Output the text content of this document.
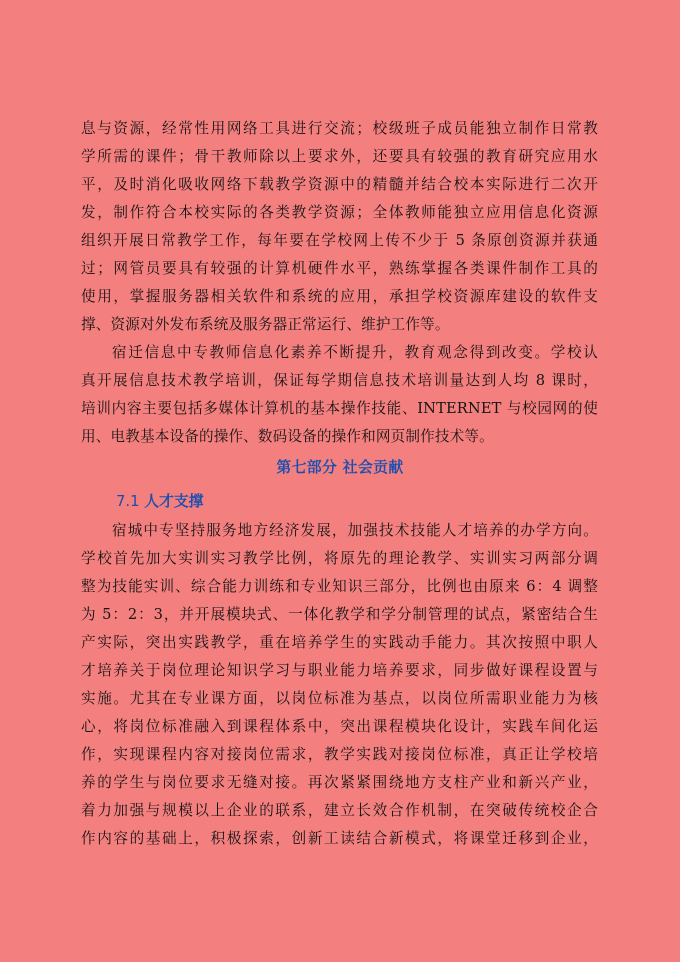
息与资源，经常性用网络工具进行交流；校级班子成员能独立制作日常教
学所需的课件；骨干教师除以上要求外，还要具有较强的教育研究应用水
平，及时消化吸收网络下载教学资源中的精髓并结合校本实际进行二次开
发，制作符合本校实际的各类教学资源；全体教师能独立应用信息化资源
组织开展日常教学工作，每年要在学校网上传不少于 5 条原创资源并获通
过；网管员要具有较强的计算机硬件水平，熟练掌握各类课件制作工具的
使用，掌握服务器相关软件和系统的应用，承担学校资源库建设的软件支
撑、资源对外发布系统及服务器正常运行、维护工作等。
宿迁信息中专教师信息化素养不断提升，教育观念得到改变。学校认
真开展信息技术教学培训，保证每学期信息技术培训量达到人均 8 课时，
培训内容主要包括多媒体计算机的基本操作技能、INTERNET 与校园网的使
用、电教基本设备的操作、数码设备的操作和网页制作技术等。
第七部分 社会贡献
7.1 人才支撑
宿城中专坚持服务地方经济发展，加强技术技能人才培养的办学方向。
学校首先加大实训实习教学比例，将原先的理论教学、实训实习两部分调
整为技能实训、综合能力训练和专业知识三部分，比例也由原来 6：4 调整
为 5：2：3，并开展模块式、一体化教学和学分制管理的试点，紧密结合生
产实际，突出实践教学，重在培养学生的实践动手能力。其次按照中职人
才培养关于岗位理论知识学习与职业能力培养要求，同步做好课程设置与
实施。尤其在专业课方面，以岗位标准为基点，以岗位所需职业能力为核
心，将岗位标准融入到课程体系中，突出课程模块化设计，实践车间化运
作，实现课程内容对接岗位需求，教学实践对接岗位标准，真正让学校培
养的学生与岗位要求无缝对接。再次紧紧围绕地方支柱产业和新兴产业，
着力加强与规模以上企业的联系，建立长效合作机制，在突破传统校企合
作内容的基础上，积极探索，创新工读结合新模式，将课堂迁移到企业，
